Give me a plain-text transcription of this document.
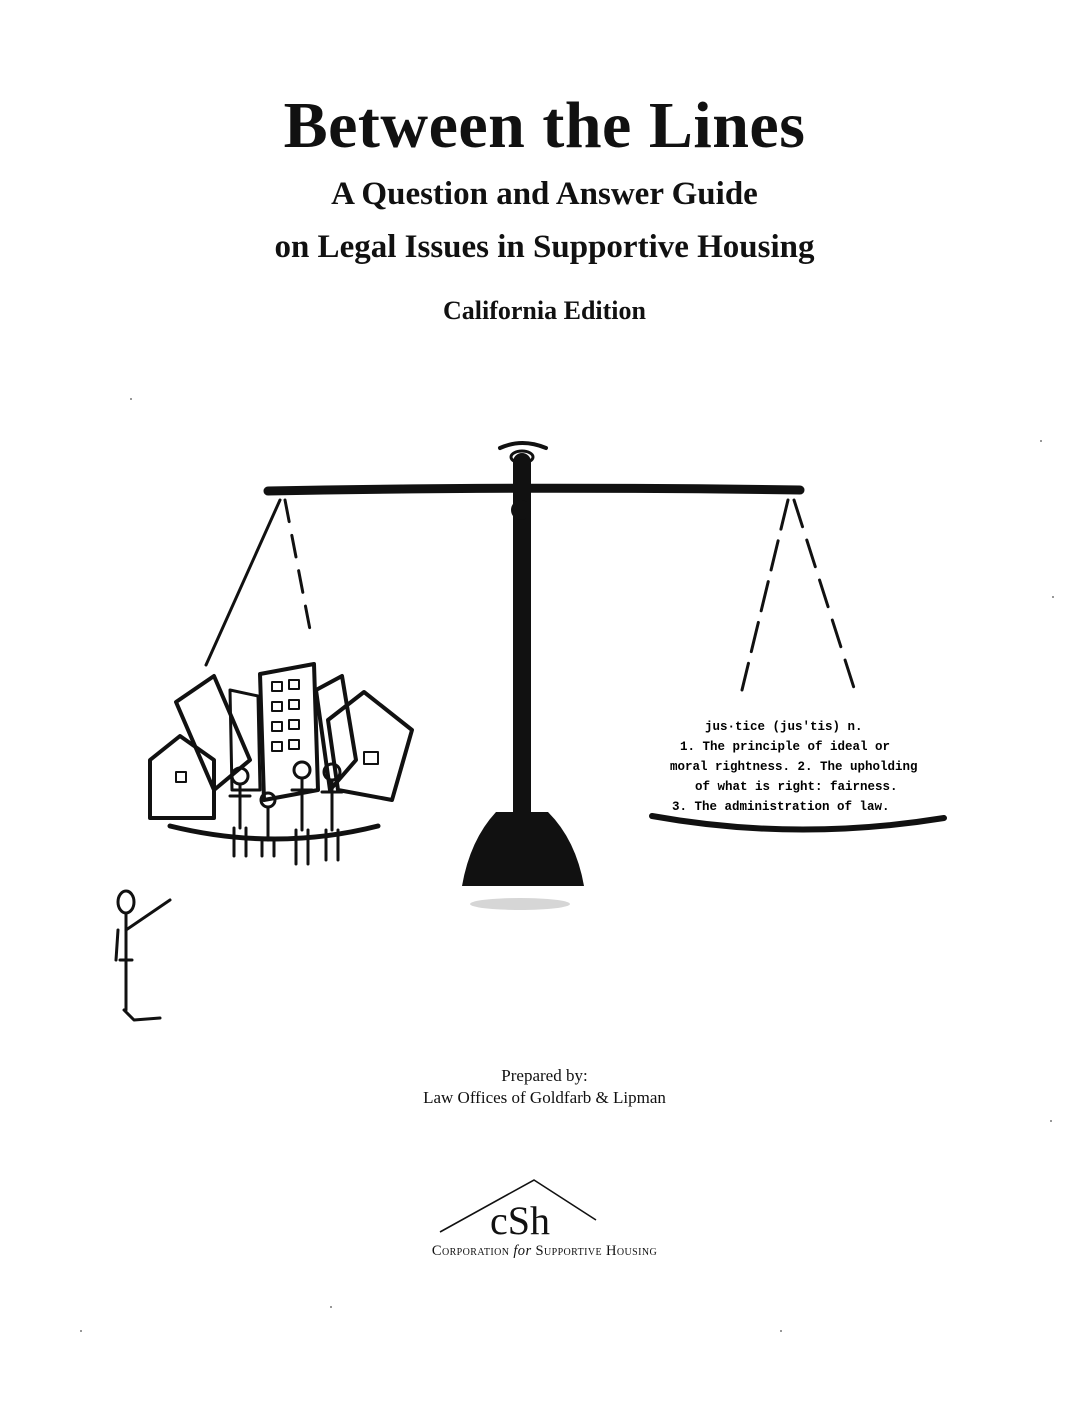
Between the Lines
A Question and Answer Guide
on Legal Issues in Supportive Housing
California Edition
jus·tice (jus′tis) n.
1. The principle of ideal or
moral rightness. 2. The upholding
of what is right: fairness.
3. The administration of law.
Prepared by:
Law Offices of Goldfarb & Lipman
cSh
Corporation for Supportive Housing
